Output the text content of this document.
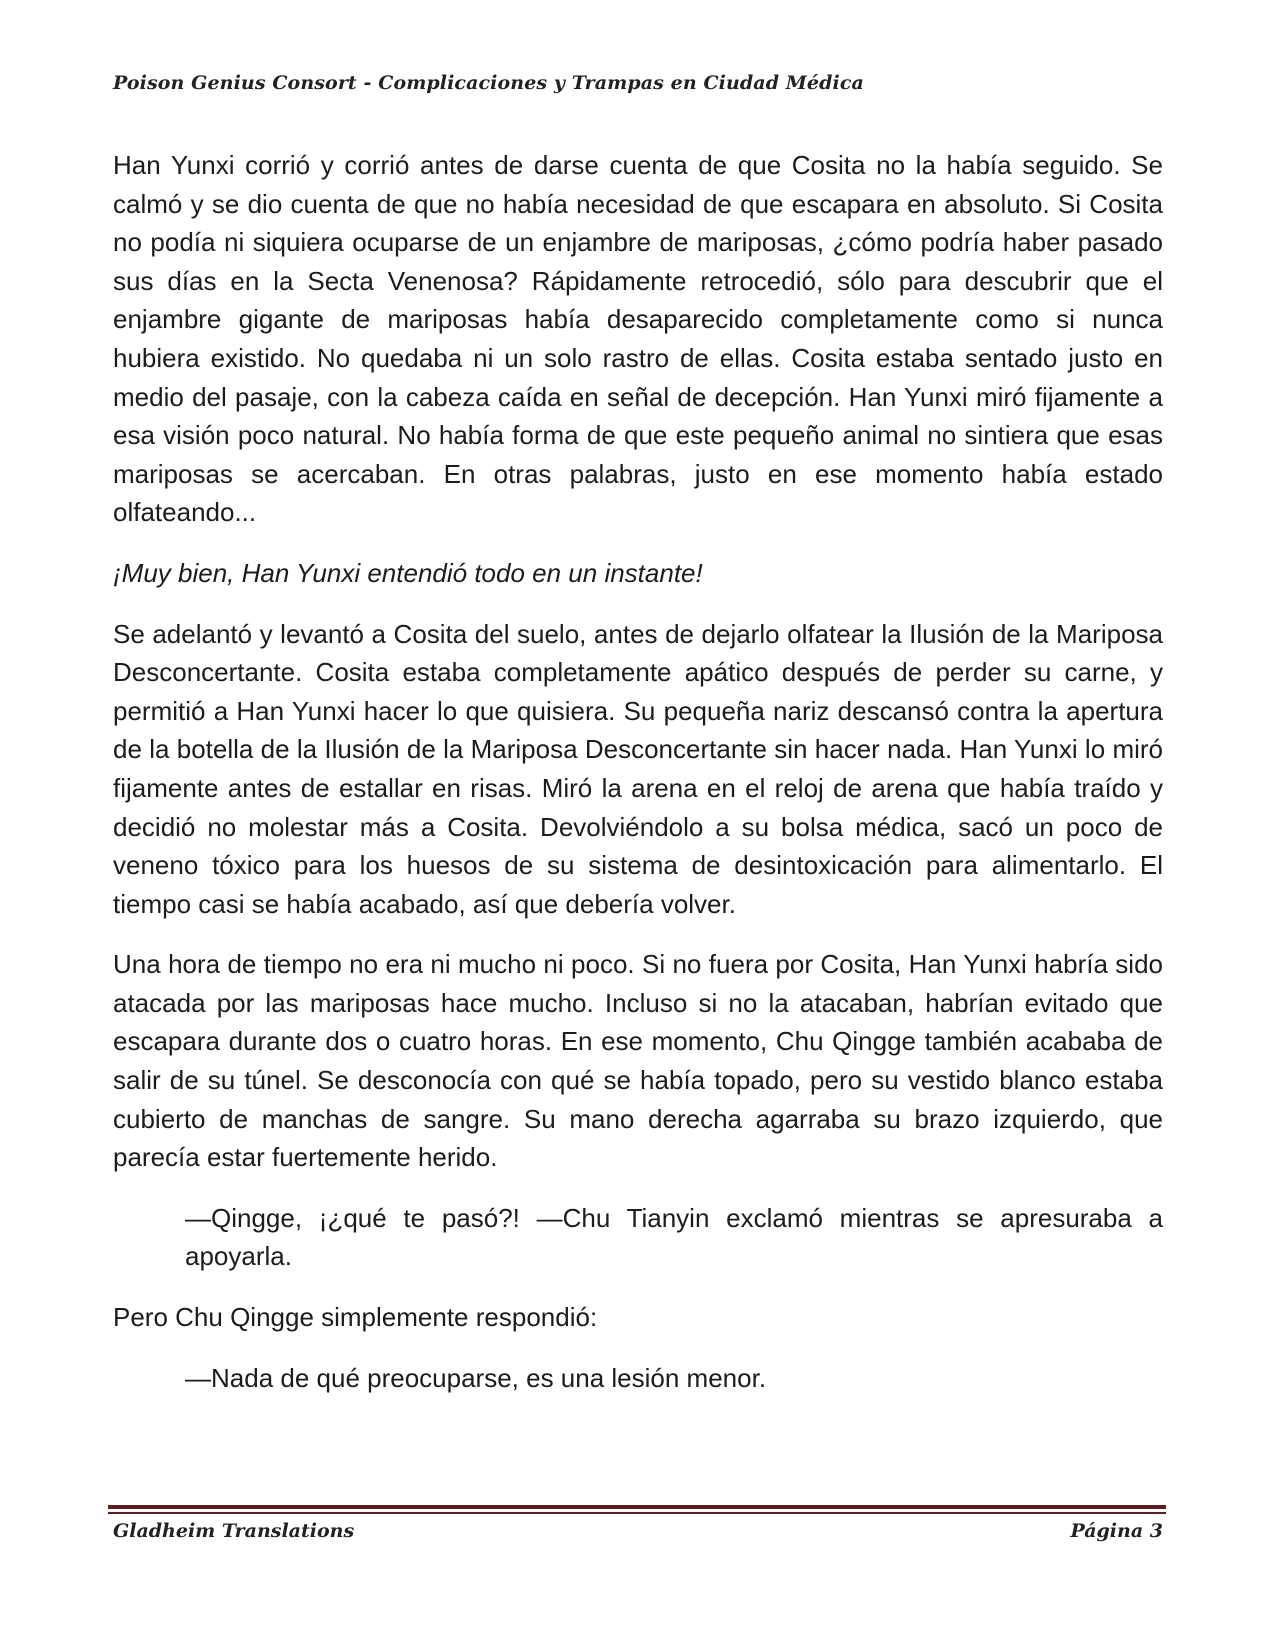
Poison Genius Consort - Complicaciones y Trampas en Ciudad Médica

Han Yunxi corrió y corrió antes de darse cuenta de que Cosita no la había seguido. Se calmó y se dio cuenta de que no había necesidad de que escapara en absoluto. Si Cosita no podía ni siquiera ocuparse de un enjambre de mariposas, ¿cómo podría haber pasado sus días en la Secta Venenosa? Rápidamente retrocedió, sólo para descubrir que el enjambre gigante de mariposas había desaparecido completamente como si nunca hubiera existido. No quedaba ni un solo rastro de ellas. Cosita estaba sentado justo en medio del pasaje, con la cabeza caída en señal de decepción. Han Yunxi miró fijamente a esa visión poco natural. No había forma de que este pequeño animal no sintiera que esas mariposas se acercaban. En otras palabras, justo en ese momento había estado olfateando...

¡Muy bien, Han Yunxi entendió todo en un instante!

Se adelantó y levantó a Cosita del suelo, antes de dejarlo olfatear la Ilusión de la Mariposa Desconcertante. Cosita estaba completamente apático después de perder su carne, y permitió a Han Yunxi hacer lo que quisiera. Su pequeña nariz descansó contra la apertura de la botella de la Ilusión de la Mariposa Desconcertante sin hacer nada. Han Yunxi lo miró fijamente antes de estallar en risas. Miró la arena en el reloj de arena que había traído y decidió no molestar más a Cosita. Devolviéndolo a su bolsa médica, sacó un poco de veneno tóxico para los huesos de su sistema de desintoxicación para alimentarlo. El tiempo casi se había acabado, así que debería volver.

Una hora de tiempo no era ni mucho ni poco. Si no fuera por Cosita, Han Yunxi habría sido atacada por las mariposas hace mucho. Incluso si no la atacaban, habrían evitado que escapara durante dos o cuatro horas. En ese momento, Chu Qingge también acababa de salir de su túnel. Se desconocía con qué se había topado, pero su vestido blanco estaba cubierto de manchas de sangre. Su mano derecha agarraba su brazo izquierdo, que parecía estar fuertemente herido.

—Qingge, ¡¿qué te pasó?! —Chu Tianyin exclamó mientras se apresuraba a apoyarla.

Pero Chu Qingge simplemente respondió:

—Nada de qué preocuparse, es una lesión menor.

Gladheim Translations	Página 3
